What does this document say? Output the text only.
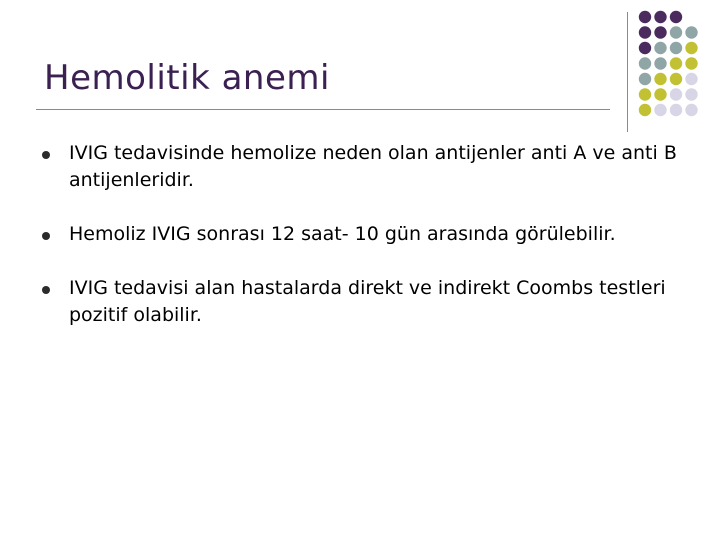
Hemolitik anemi
IVIG tedavisinde hemolize neden olan antijenler anti A ve anti B antijenleridir.
Hemoliz IVIG sonrası 12 saat- 10 gün arasında görülebilir.
IVIG tedavisi alan hastalarda direkt ve indirekt Coombs testleri pozitif olabilir.
